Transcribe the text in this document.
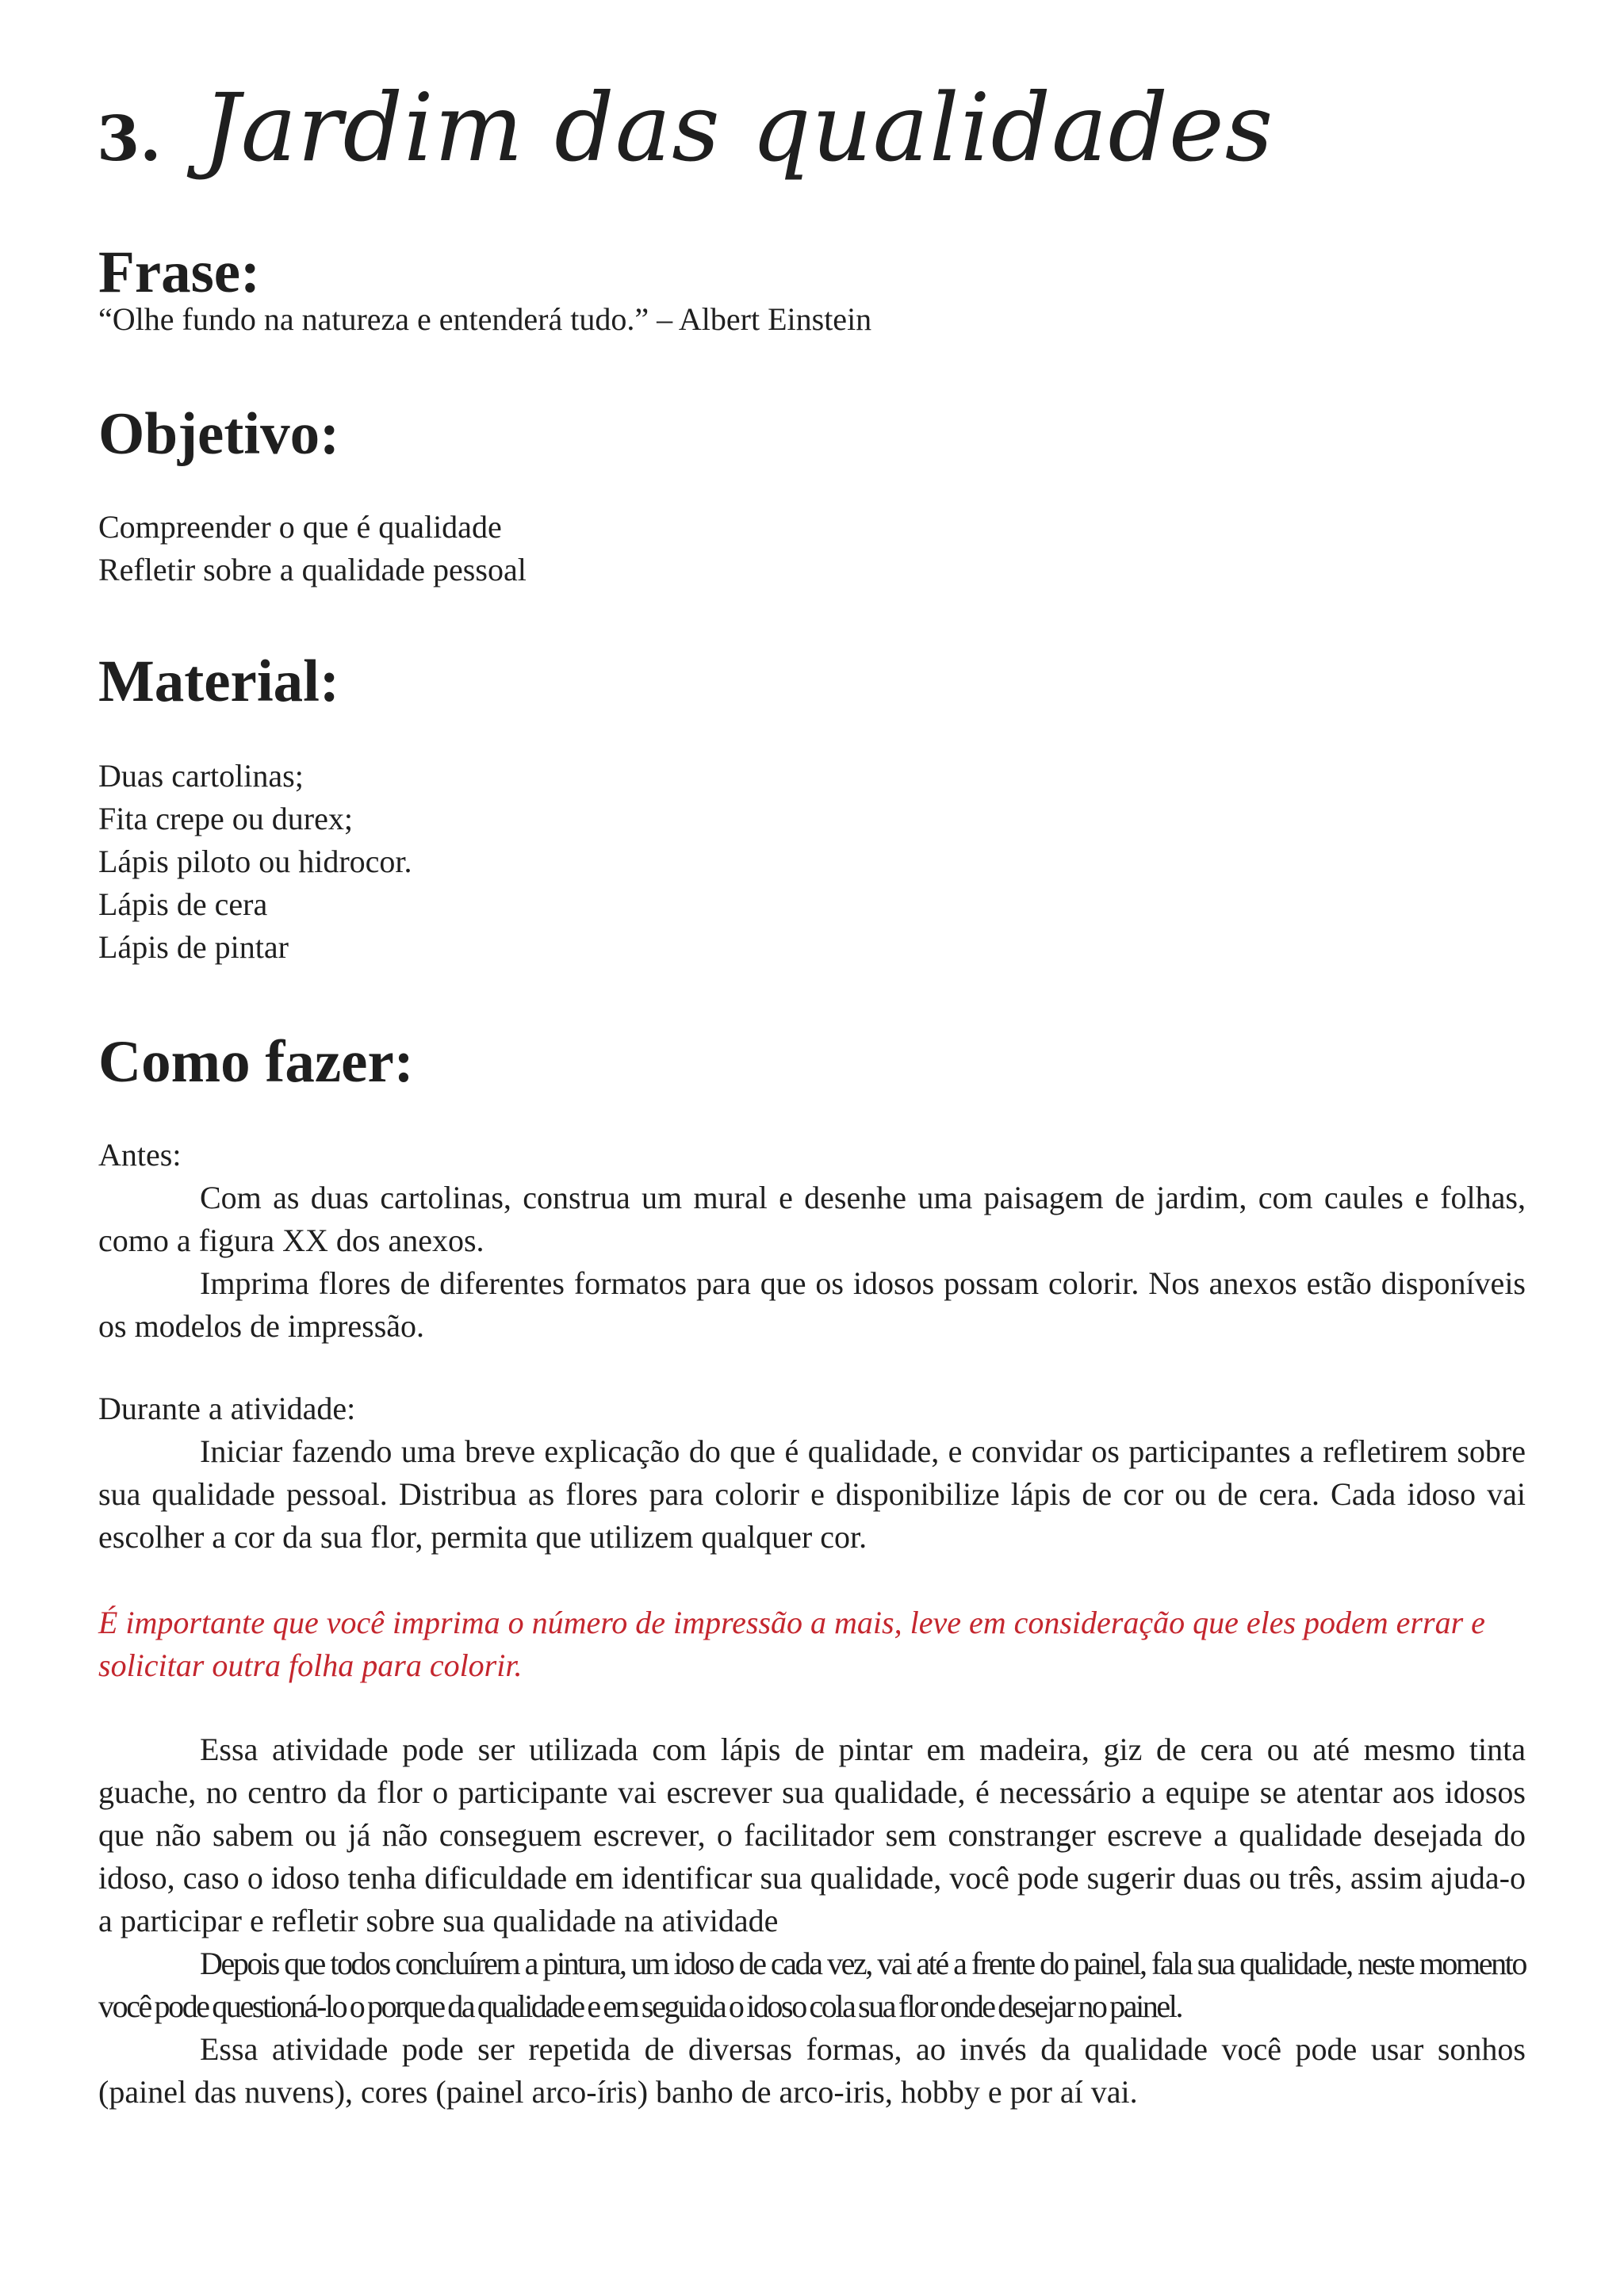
3. Jardim das qualidades
Frase:

“Olhe fundo na natureza e entenderá tudo.” – Albert Einstein

Objetivo:
Compreender o que é qualidade
Refletir sobre a qualidade pessoal
Material:
Duas cartolinas;
Fita crepe ou durex;
Lápis piloto ou hidrocor.
Lápis de cera
Lápis de pintar
Como fazer:

Antes:

Com as duas cartolinas, construa um mural e desenhe uma paisagem de jardim, com caules e folhas, como a figura XX dos anexos.

Imprima flores de diferentes formatos para que os idosos possam colorir. Nos anexos estão disponíveis os modelos de impressão.

Durante a atividade:

Iniciar fazendo uma breve explicação do que é qualidade, e convidar os participantes a refletirem sobre sua qualidade pessoal. Distribua as flores para colorir e disponibilize lápis de cor ou de cera. Cada idoso vai escolher a cor da sua flor, permita que utilizem qualquer cor.

É importante que você imprima o número de impressão a mais, leve em consideração que eles podem errar e solicitar outra folha para colorir.

Essa atividade pode ser utilizada com lápis de pintar em madeira, giz de cera ou até mesmo tinta guache, no centro da flor o participante vai escrever sua qualidade, é necessário a equipe se atentar aos idosos que não sabem ou já não conseguem escrever, o facilitador sem constranger escreve a qualidade desejada do idoso, caso o idoso tenha dificuldade em identificar sua qualidade, você pode sugerir duas ou três, assim ajuda-o a participar e refletir sobre sua qualidade na atividade

Depois que todos concluírem a pintura, um idoso de cada vez, vai até a frente do painel, fala sua qualidade, neste momento você pode questioná-lo o porque da qualidade e em seguida o idoso cola sua flor onde desejar no painel.

Essa atividade pode ser repetida de diversas formas, ao invés da qualidade você pode usar sonhos (painel das nuvens), cores (painel arco-íris) banho de arco-iris, hobby e por aí vai.
